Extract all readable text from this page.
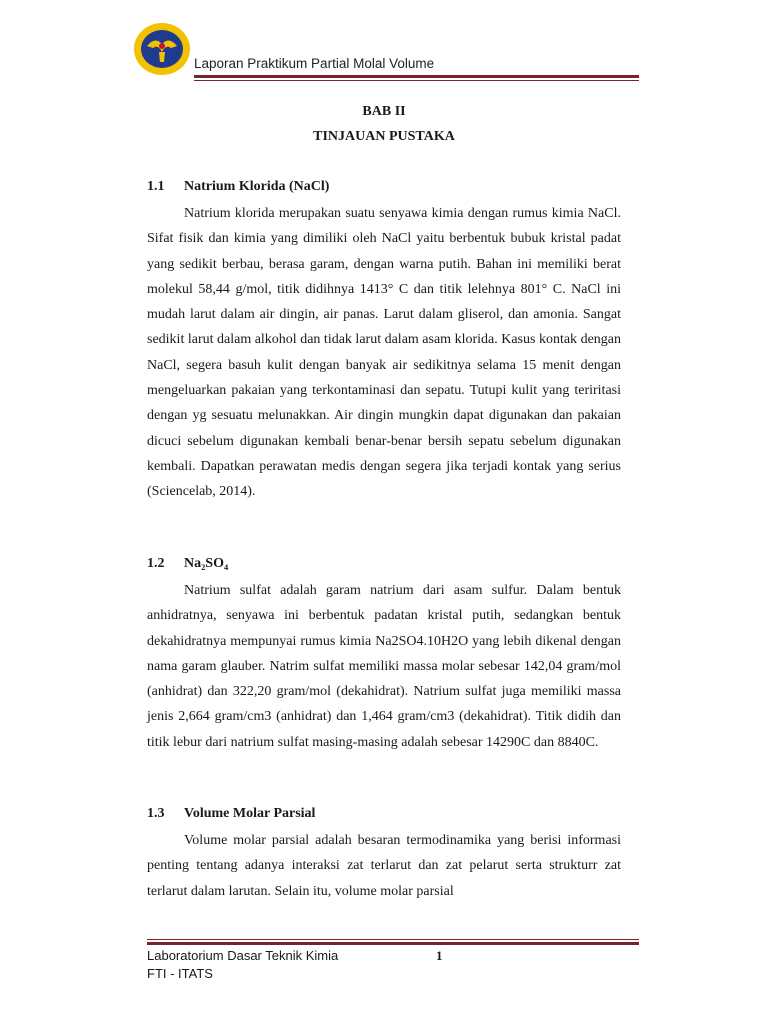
Laporan Praktikum Partial Molal Volume
BAB II
TINJAUAN PUSTAKA
1.1 Natrium Klorida (NaCl)

Natrium klorida merupakan suatu senyawa kimia dengan rumus kimia NaCl. Sifat fisik dan kimia yang dimiliki oleh NaCl yaitu berbentuk bubuk kristal padat yang sedikit berbau, berasa garam, dengan warna putih. Bahan ini memiliki berat molekul 58,44 g/mol, titik didihnya 1413° C dan titik lelehnya 801° C. NaCl ini mudah larut dalam air dingin, air panas. Larut dalam gliserol, dan amonia. Sangat sedikit larut dalam alkohol dan tidak larut dalam asam klorida. Kasus kontak dengan NaCl, segera basuh kulit dengan banyak air sedikitnya selama 15 menit dengan mengeluarkan pakaian yang terkontaminasi dan sepatu. Tutupi kulit yang teriritasi dengan yg sesuatu melunakkan. Air dingin mungkin dapat digunakan dan pakaian dicuci sebelum digunakan kembali benar-benar bersih sepatu sebelum digunakan kembali. Dapatkan perawatan medis dengan segera jika terjadi kontak yang serius (Sciencelab, 2014).

1.2 Na₂SO₄

Natrium sulfat adalah garam natrium dari asam sulfur. Dalam bentuk anhidratnya, senyawa ini berbentuk padatan kristal putih, sedangkan bentuk dekahidratnya mempunyai rumus kimia Na2SO4.10H2O yang lebih dikenal dengan nama garam glauber. Natrim sulfat memiliki massa molar sebesar 142,04 gram/mol (anhidrat) dan 322,20 gram/mol (dekahidrat). Natrium sulfat juga memiliki massa jenis 2,664 gram/cm3 (anhidrat) dan 1,464 gram/cm3 (dekahidrat). Titik didih dan titik lebur dari natrium sulfat masing-masing adalah sebesar 14290C dan 8840C.

1.3 Volume Molar Parsial

Volume molar parsial adalah besaran termodinamika yang berisi informasi penting tentang adanya interaksi zat terlarut dan zat pelarut serta strukturr zat terlarut dalam larutan. Selain itu, volume molar parsial

Laboratorium Dasar Teknik Kimia
FTI - ITATS
1
